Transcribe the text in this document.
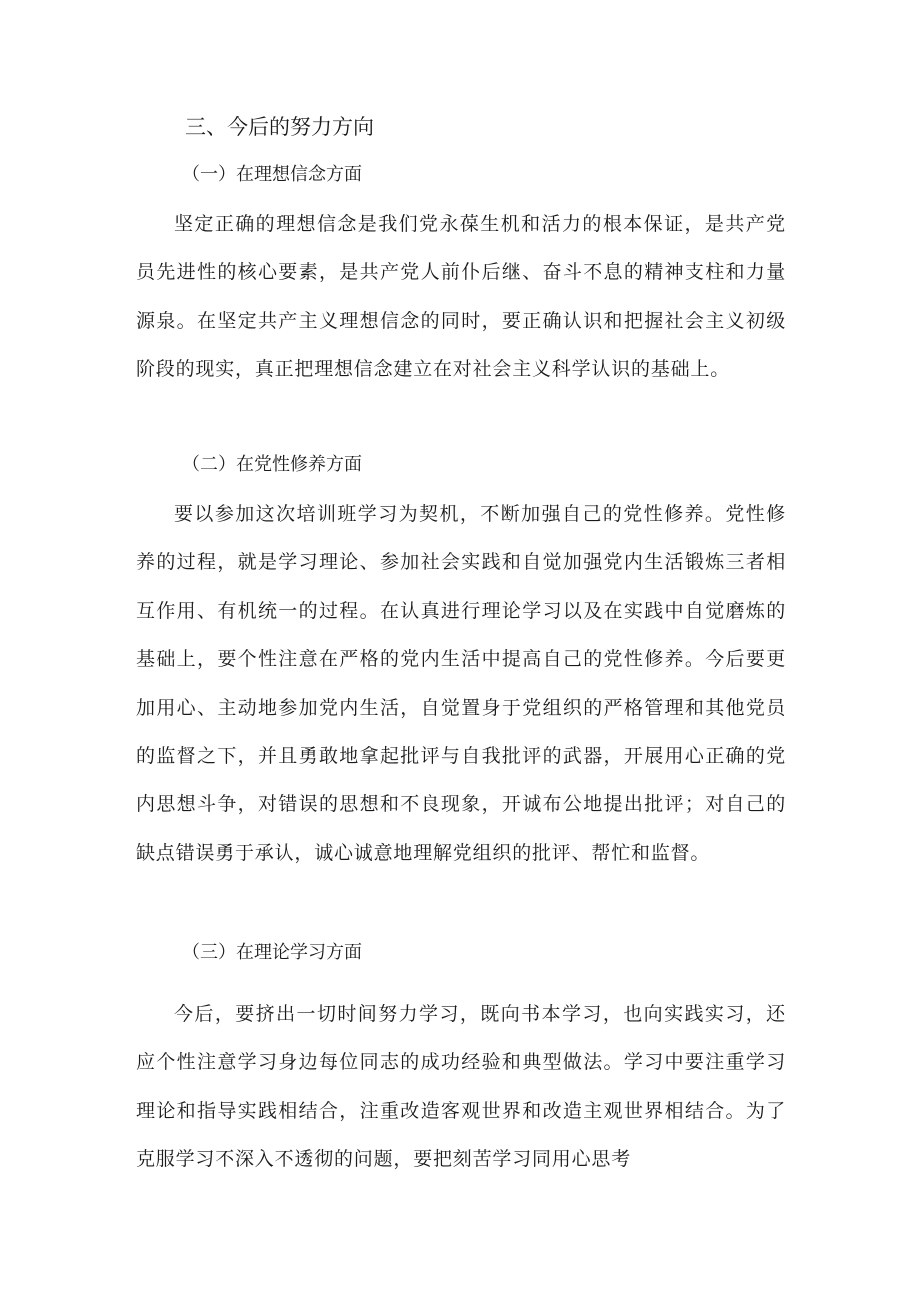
三、今后的努力方向
（一）在理想信念方面

坚定正确的理想信念是我们党永葆生机和活力的根本保证，是共产党员先进性的核心要素，是共产党人前仆后继、奋斗不息的精神支柱和力量源泉。在坚定共产主义理想信念的同时，要正确认识和把握社会主义初级阶段的现实，真正把理想信念建立在对社会主义科学认识的基础上。

（二）在党性修养方面

要以参加这次培训班学习为契机，不断加强自己的党性修养。党性修养的过程，就是学习理论、参加社会实践和自觉加强党内生活锻炼三者相互作用、有机统一的过程。在认真进行理论学习以及在实践中自觉磨炼的基础上，要个性注意在严格的党内生活中提高自己的党性修养。今后要更加用心、主动地参加党内生活，自觉置身于党组织的严格管理和其他党员的监督之下，并且勇敢地拿起批评与自我批评的武器，开展用心正确的党内思想斗争，对错误的思想和不良现象，开诚布公地提出批评；对自己的缺点错误勇于承认，诚心诚意地理解党组织的批评、帮忙和监督。

（三）在理论学习方面

今后，要挤出一切时间努力学习，既向书本学习，也向实践实习，还应个性注意学习身边每位同志的成功经验和典型做法。学习中要注重学习理论和指导实践相结合，注重改造客观世界和改造主观世界相结合。为了克服学习不深入不透彻的问题，要把刻苦学习同用心思考
